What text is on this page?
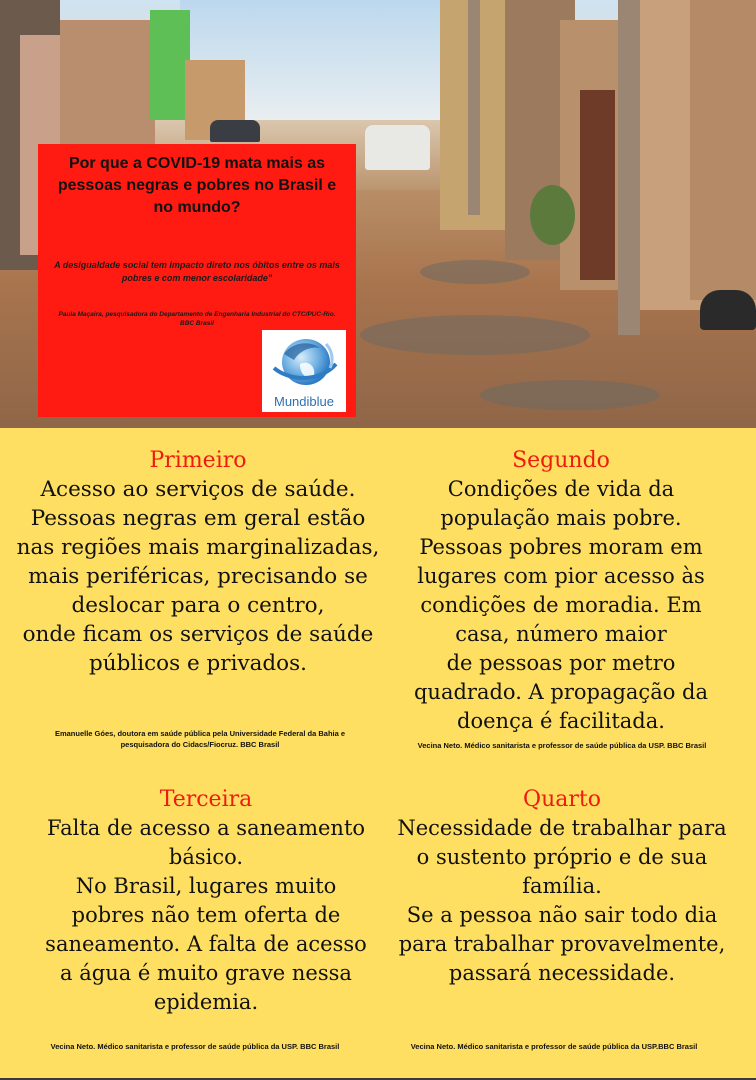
Por que a COVID-19 mata mais as pessoas negras e pobres no Brasil e no mundo?
A desigualdade social tem impacto direto nos óbitos entre os mais pobres e com menor escolaridade"
Paula Maçaira, pesquisadora do Departamento de Engenharia Industrial do CTC/PUC-Rio. BBC Brasil
Mundiblue
Primeiro
Acesso ao serviços de saúde.
Pessoas negras em geral estão nas regiões mais marginalizadas, mais periféricas, precisando se deslocar para o centro,
onde ficam os serviços de saúde públicos e privados.
Emanuelle Góes, doutora em saúde pública pela Universidade Federal da Bahia e pesquisadora do Cidacs/Fiocruz. BBC Brasil
Segundo
Condições de vida da população mais pobre.
Pessoas pobres moram em lugares com pior acesso às condições de moradia. Em casa, número maior
de pessoas por metro quadrado. A propagação da doença é facilitada.
Vecina Neto. Médico sanitarista e professor de saúde pública da USP. BBC Brasil
Terceira
Falta de acesso a saneamento básico.
No Brasil, lugares muito pobres não tem oferta de saneamento. A falta de acesso a água é muito grave nessa epidemia.
Vecina Neto. Médico sanitarista e professor de saúde pública da USP. BBC Brasil
Quarto
Necessidade de trabalhar para o sustento próprio e de sua família.
Se a pessoa não sair todo dia para trabalhar provavelmente, passará necessidade.
Vecina Neto. Médico sanitarista e professor de saúde pública da USP.BBC Brasil
